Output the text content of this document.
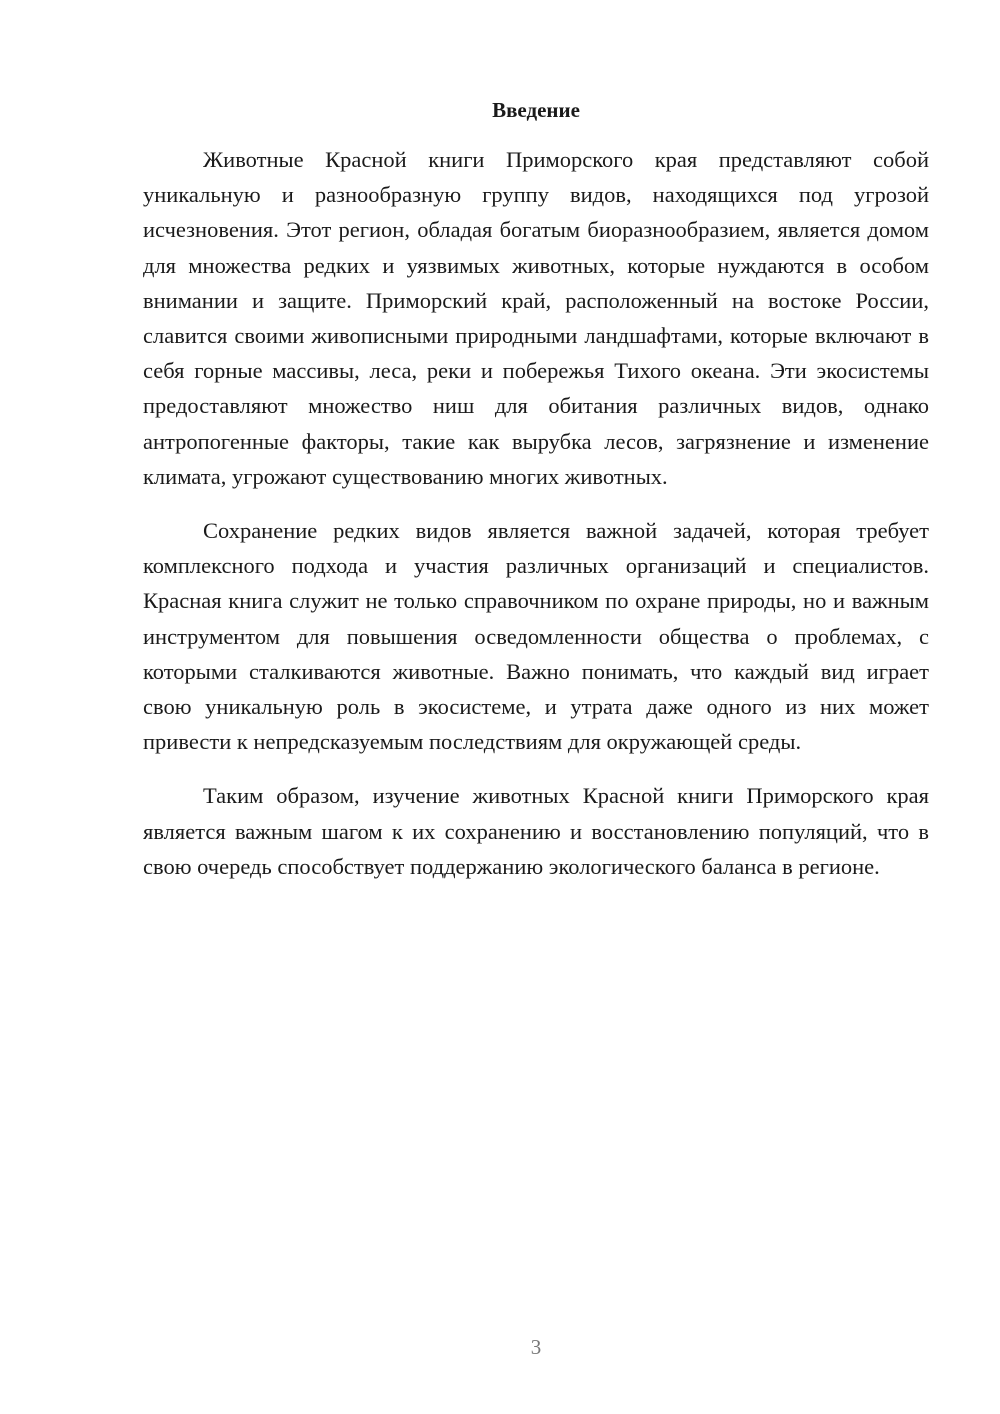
Введение

Животные Красной книги Приморского края представляют собой уникальную и разнообразную группу видов, находящихся под угрозой исчезновения. Этот регион, обладая богатым биоразнообразием, является домом для множества редких и уязвимых животных, которые нуждаются в особом внимании и защите. Приморский край, расположенный на востоке России, славится своими живописными природными ландшафтами, которые включают в себя горные массивы, леса, реки и побережья Тихого океана. Эти экосистемы предоставляют множество ниш для обитания различных видов, однако антропогенные факторы, такие как вырубка лесов, загрязнение и изменение климата, угрожают существованию многих животных.

Сохранение редких видов является важной задачей, которая требует комплексного подхода и участия различных организаций и специалистов. Красная книга служит не только справочником по охране природы, но и важным инструментом для повышения осведомленности общества о проблемах, с которыми сталкиваются животные. Важно понимать, что каждый вид играет свою уникальную роль в экосистеме, и утрата даже одного из них может привести к непредсказуемым последствиям для окружающей среды.

Таким образом, изучение животных Красной книги Приморского края является важным шагом к их сохранению и восстановлению популяций, что в свою очередь способствует поддержанию экологического баланса в регионе.

3
